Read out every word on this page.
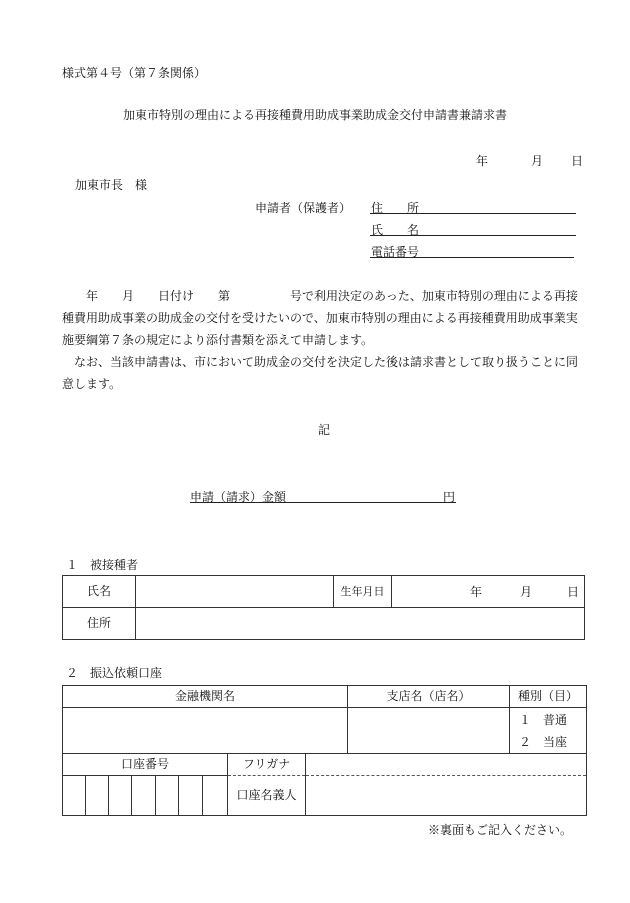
様式第４号（第７条関係）
加東市特別の理由による再接種費用助成事業助成金交付申請書兼請求書
年	月 日
加東市長　様
申請者（保護者） 住　　所
氏　　名
電話番号
　　年　　月　　日付け　　第　　　　　号で利用決定のあった、加東市特別の理由による再接種費用助成事業の助成金の交付を受けたいので、加東市特別の理由による再接種費用助成事業実施要綱第７条の規定により添付書類を添えて申請します。
　なお、当該申請書は、市において助成金の交付を決定した後は請求書として取り扱うことに同意します。
記
申請（請求）金額	円
１　被接種者
氏名		生年月日	年 月 日

住所			
２　振込依頼口座
金融機関名	支店名（店名）	種別（目）

		１　普通
２　当座
口座番号							フリガナ	
							口座名義人	
※裏面もご記入ください。
